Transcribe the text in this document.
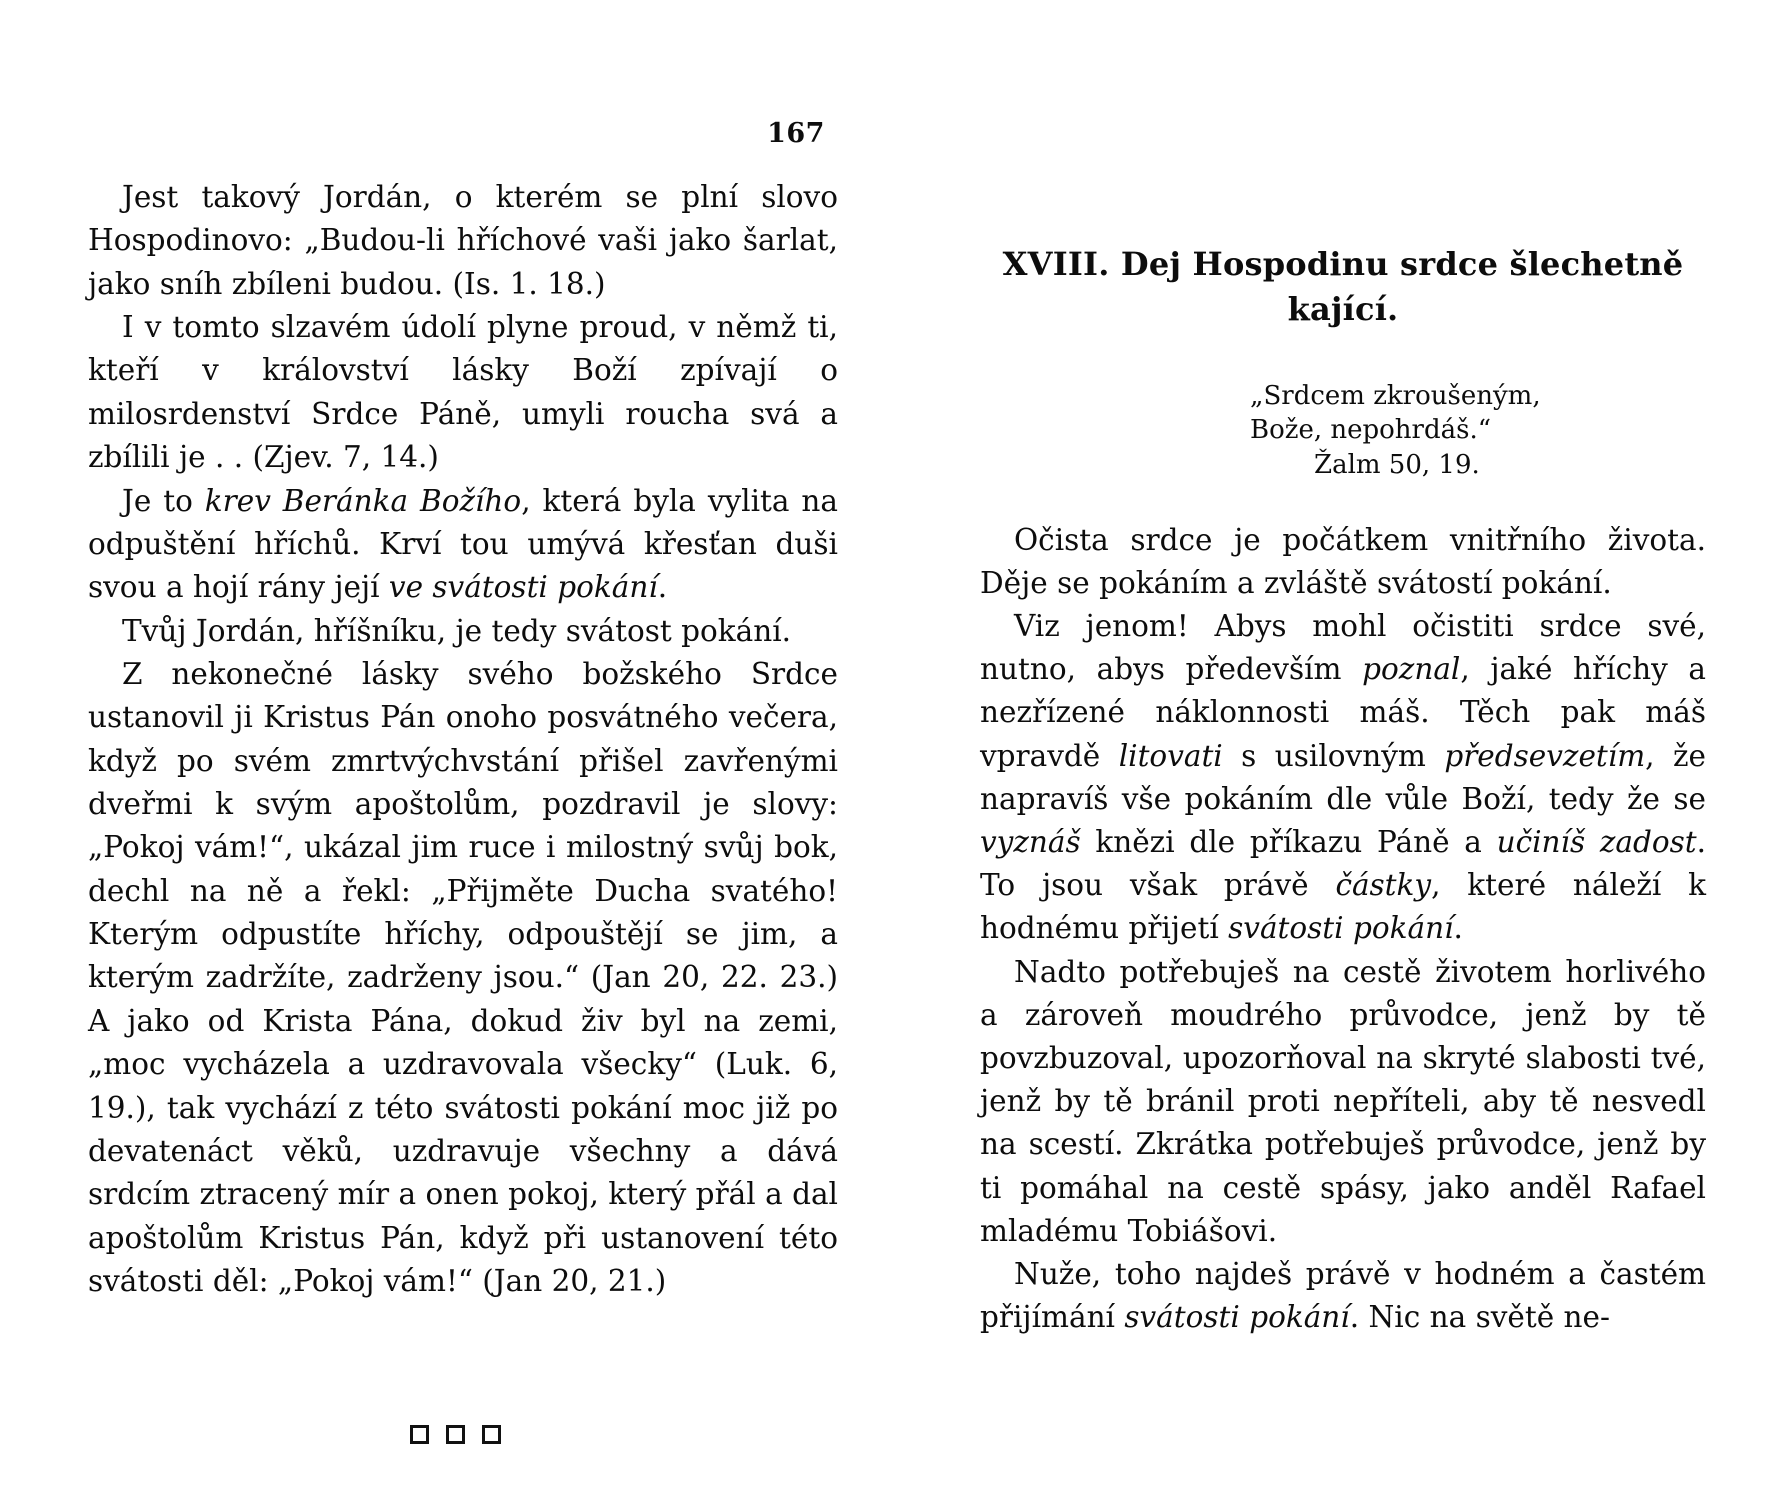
167

Jest takový Jordán, o kterém se plní slovo Hospodinovo: „Budou-li hříchové vaši jako šarlat, jako sníh zbíleni budou. (Is. 1. 18.)

I v tomto slzavém údolí plyne proud, v němž ti, kteří v království lásky Boží zpívají o milosrdenství Srdce Páně, umyli roucha svá a zbílili je . . (Zjev. 7, 14.)

Je to krev Beránka Božího, která byla vylita na odpuštění hříchů. Krví tou umývá křesťan duši svou a hojí rány její ve svátosti pokání.

Tvůj Jordán, hříšníku, je tedy svátost pokání.

Z nekonečné lásky svého božského Srdce ustanovil ji Kristus Pán onoho posvátného večera, když po svém zmrtvýchvstání přišel zavřenými dveřmi k svým apoštolům, pozdravil je slovy: „Pokoj vám!“, ukázal jim ruce i milostný svůj bok, dechl na ně a řekl: „Přijměte Ducha svatého! Kterým odpustíte hříchy, odpouštějí se jim, a kterým zadržíte, zadrženy jsou.“ (Jan 20, 22. 23.) A jako od Krista Pána, dokud živ byl na zemi, „moc vycházela a uzdravovala všecky“ (Luk. 6, 19.), tak vychází z této svátosti pokání moc již po devatenáct věků, uzdravuje všechny a dává srdcím ztracený mír a onen pokoj, který přál a dal apoštolům Kristus Pán, když při ustanovení této svátosti děl: „Pokoj vám!“ (Jan 20, 21.)

XVIII. Dej Hospodinu srdce šlechetně
kající.
„Srdcem zkroušeným,
Bože, nepohrdáš.“
Žalm 50, 19.

Očista srdce je počátkem vnitřního života. Děje se pokáním a zvláště svátostí pokání.

Viz jenom! Abys mohl očistiti srdce své, nutno, abys především poznal, jaké hříchy a nezřízené náklonnosti máš. Těch pak máš vpravdě litovati s usilovným předsevzetím, že napravíš vše pokáním dle vůle Boží, tedy že se vyznáš knězi dle příkazu Páně a učiníš zadost. To jsou však právě částky, které náleží k hodnému přijetí svátosti pokání.

Nadto potřebuješ na cestě životem horlivého a zároveň moudrého průvodce, jenž by tě povzbuzoval, upozorňoval na skryté slabosti tvé, jenž by tě bránil proti nepříteli, aby tě nesvedl na scestí. Zkrátka potřebuješ průvodce, jenž by ti pomáhal na cestě spásy, jako anděl Rafael mladému Tobiášovi.

Nuže, toho najdeš právě v hodném a častém přijímání svátosti pokání. Nic na světě ne-
